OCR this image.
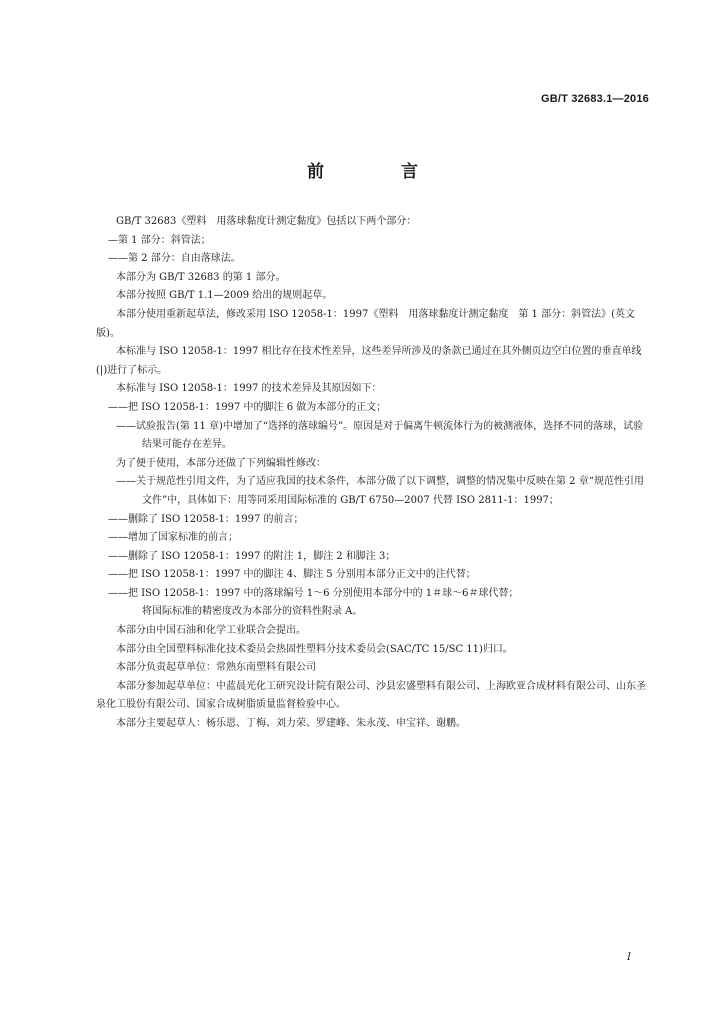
GB/T 32683.1—2016
前　言

GB/T 32683《塑料　用落球黏度计测定黏度》包括以下两个部分：

—第 1 部分：斜管法；

——第 2 部分：自由落球法。

本部分为 GB/T 32683 的第 1 部分。

本部分按照 GB/T 1.1—2009 给出的规则起草。

本部分使用重新起草法，修改采用 ISO 12058-1：1997《塑料　用落球黏度计测定黏度　第 1 部分：斜管法》(英文版)。

本标准与 ISO 12058-1：1997 相比存在技术性差异，这些差异所涉及的条款已通过在其外侧页边空白位置的垂直单线(|)进行了标示。

本标准与 ISO 12058-1：1997 的技术差异及其原因如下：

——把 ISO 12058-1：1997 中的脚注 6 做为本部分的正文；

——试验报告(第 11 章)中增加了“选择的落球编号”。原因是对于偏离牛顿流体行为的被测液体，选择不同的落球，试验结果可能存在差异。

为了便于使用，本部分还做了下列编辑性修改：

——关于规范性引用文件，为了适应我国的技术条件，本部分做了以下调整，调整的情况集中反映在第 2 章“规范性引用文件”中，具体如下：用等同采用国际标准的 GB/T 6750—2007 代替 ISO 2811-1：1997；

——删除了 ISO 12058-1：1997 的前言；

——增加了国家标准的前言；

——删除了 ISO 12058-1：1997 的附注 1，脚注 2 和脚注 3；

——把 ISO 12058-1：1997 中的脚注 4、脚注 5 分别用本部分正文中的注代替；

——把 ISO 12058-1：1997 中的落球编号 1～6 分别使用本部分中的 1＃球～6＃球代替；

将国际标准的精密度改为本部分的资料性附录 A。

本部分由中国石油和化学工业联合会提出。

本部分由全国塑料标准化技术委员会热固性塑料分技术委员会(SAC/TC 15/SC 11)归口。

本部分负责起草单位：常熟东南塑料有限公司

本部分参加起草单位：中蓝晨光化工研究设计院有限公司、沙县宏盛塑料有限公司、上海欧亚合成材料有限公司、山东圣泉化工股份有限公司、国家合成树脂质量监督检验中心。

本部分主要起草人：杨乐恩、丁梅、刘力荣、罗建峰、朱永茂、申宝祥、谢鹏。

I
